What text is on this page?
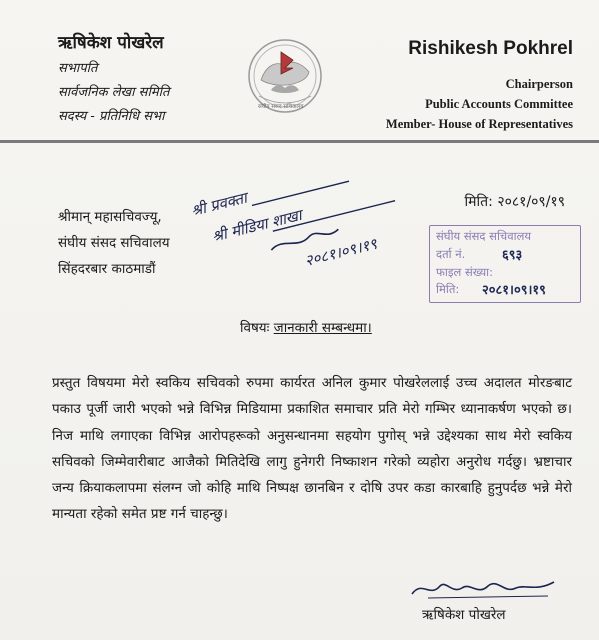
ऋषिकेश पोखरेल
सभापति
सार्वजनिक लेखा समिति
सदस्य - प्रतिनिधि सभा
संघीय संसद सचिवालय
Rishikesh Pokhrel
Chairperson
Public Accounts Committee
Member- House of Representatives
श्री प्रवक्ता
श्री मीडिया शाखा
२०८१।०९।१९
मिति: २०८१/०९/१९
श्रीमान् महासचिवज्यू,
संघीय संसद सचिवालय
सिंहदरबार काठमाडौं
संघीय संसद सचिवालय
दर्ता नं.
फाइल संख्या:
मिति:
६९३
२०८१।०९।१९
विषयः जानकारी सम्बन्धमा।
प्रस्तुत विषयमा मेरो स्वकिय सचिवको रुपमा कार्यरत अनिल कुमार पोखरेललाई उच्च अदालत मोरङबाट पकाउ पूर्जी जारी भएको भन्ने विभिन्न मिडियामा प्रकाशित समाचार प्रति मेरो गम्भिर ध्यानाकर्षण भएको छ। निज माथि लगाएका विभिन्न आरोपहरूको अनुसन्धानमा सहयोग पुगोस् भन्ने उद्देश्यका साथ मेरो स्वकिय सचिवको जिम्मेवारीबाट आजैको मितिदेखि लागु हुनेगरी निष्काशन गरेको व्यहोरा अनुरोध गर्दछु। भ्रष्टाचार जन्य क्रियाकलापमा संलग्न जो कोहि माथि निष्पक्ष छानबिन र दोषि उपर कडा कारबाहि हुनुपर्दछ भन्ने मेरो मान्यता रहेको समेत प्रष्ट गर्न चाहन्छु।
ऋषिकेश पोखरेल
